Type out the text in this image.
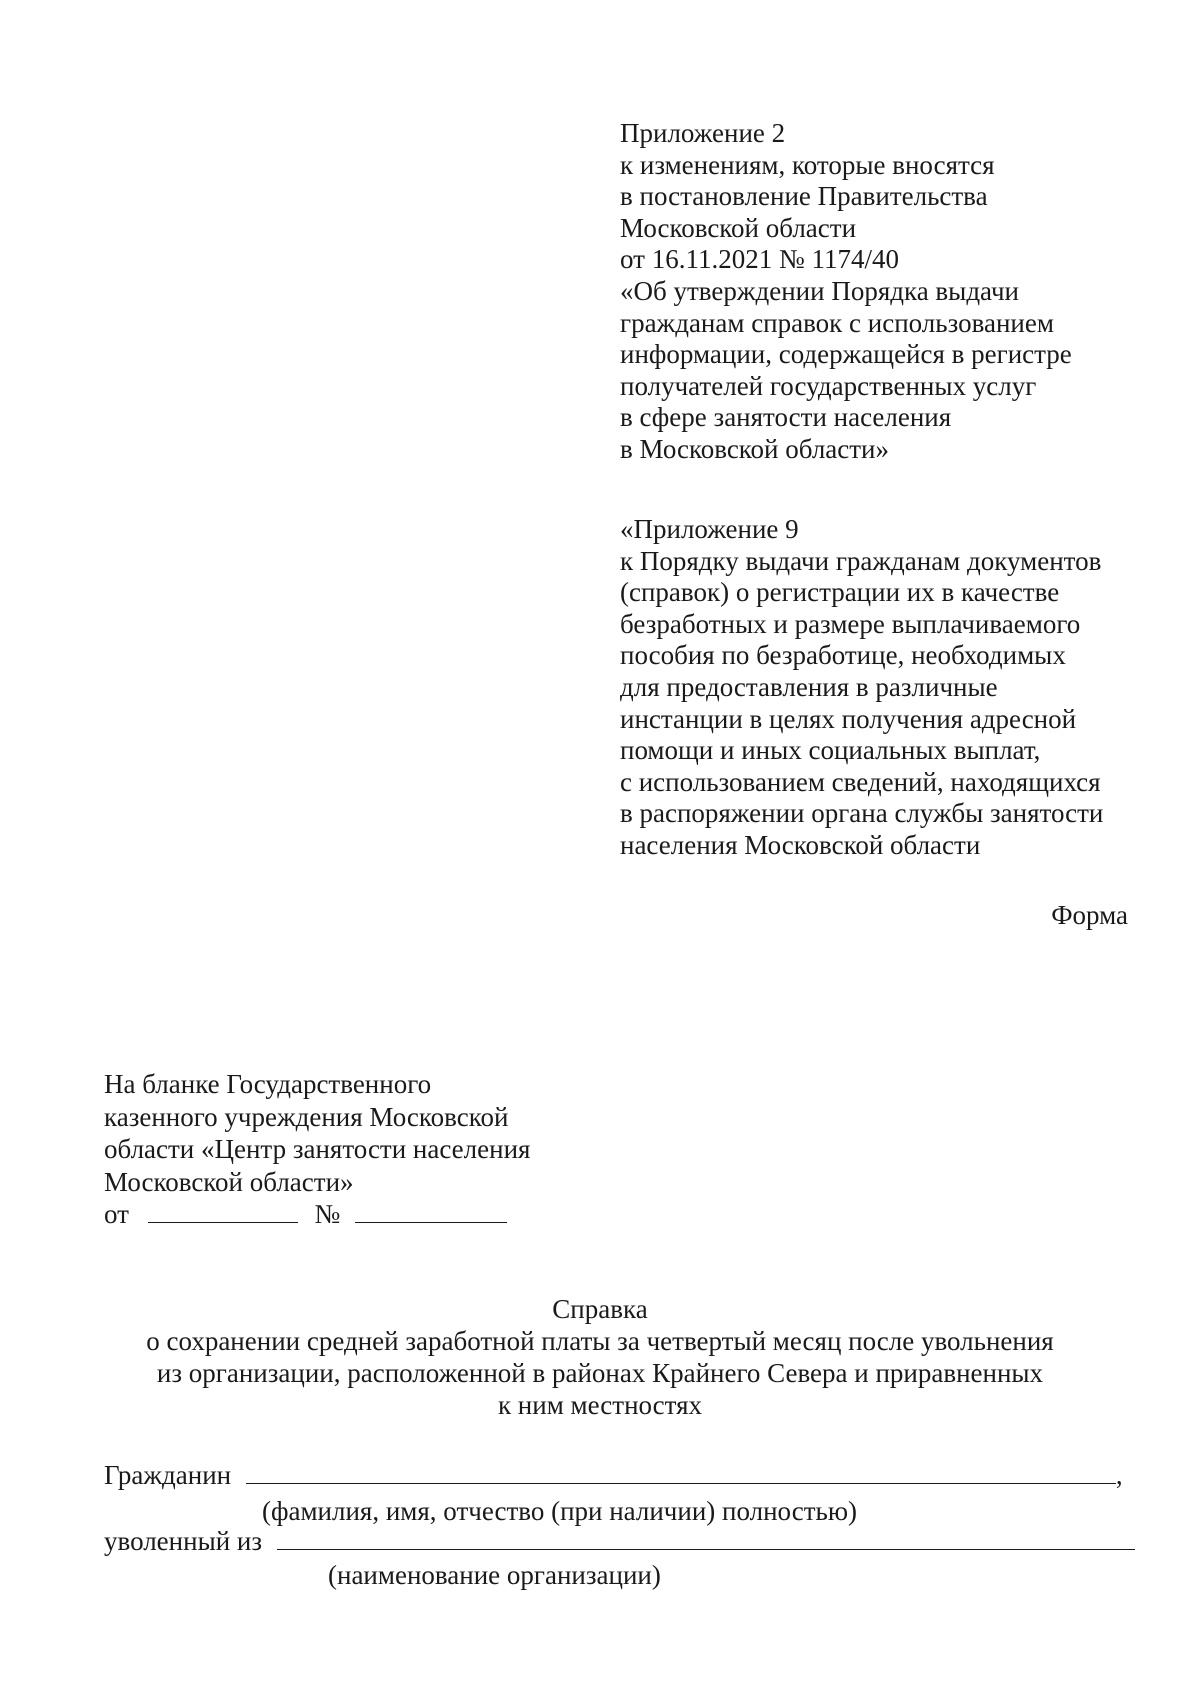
Приложение 2
к изменениям, которые вносятся
в постановление Правительства
Московской области
от 16.11.2021 № 1174/40
«Об утверждении Порядка выдачи
гражданам справок с использованием
информации, содержащейся в регистре
получателей государственных услуг
в сфере занятости населения
в Московской области»
«Приложение 9
к Порядку выдачи гражданам документов
(справок) о регистрации их в качестве
безработных и размере выплачиваемого
пособия по безработице, необходимых
для предоставления в различные
инстанции в целях получения адресной
помощи и иных социальных выплат,
с использованием сведений, находящихся
в распоряжении органа службы занятости
населения Московской области
Форма
На бланке Государственного
казенного учреждения Московской
области «Центр занятости населения
Московской области»
от	№
Справка
о сохранении средней заработной платы за четвертый месяц после увольнения
из организации, расположенной в районах Крайнего Севера и приравненных
к ним местностях
Гражданин	,
(фамилия, имя, отчество (при наличии) полностью)
уволенный из
(наименование организации)
